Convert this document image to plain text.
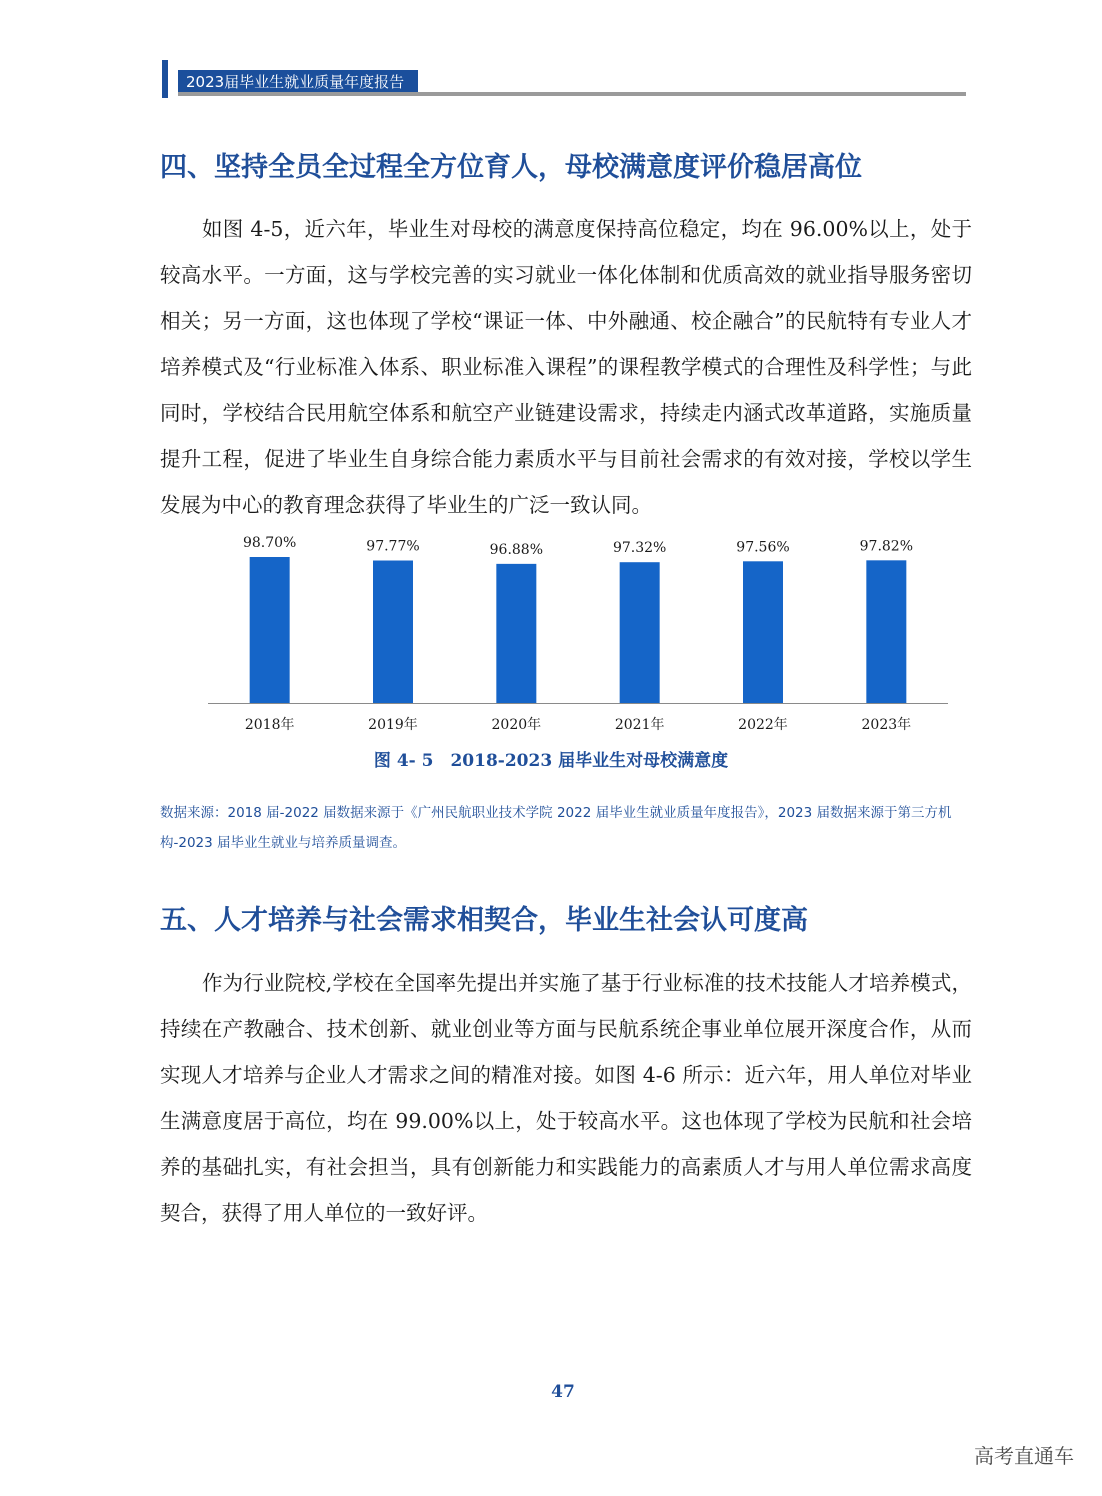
2023届毕业生就业质量年度报告
四、坚持全员全过程全方位育人，母校满意度评价稳居高位

如图 4-5，近六年，毕业生对母校的满意度保持高位稳定，均在 96.00%以上，处于较高水平。一方面，这与学校完善的实习就业一体化体制和优质高效的就业指导服务密切相关；另一方面，这也体现了学校“课证一体、中外融通、校企融合”的民航特有专业人才培养模式及“行业标准入体系、职业标准入课程”的课程教学模式的合理性及科学性；与此同时，学校结合民用航空体系和航空产业链建设需求，持续走内涵式改革道路，实施质量提升工程，促进了毕业生自身综合能力素质水平与目前社会需求的有效对接，学校以学生发展为中心的教育理念获得了毕业生的广泛一致认同。

98.70%
2018年
97.77%
2019年
96.88%
2020年
97.32%
2021年
97.56%
2022年
97.82%
2023年
图 4- 5　2018-2023 届毕业生对母校满意度

数据来源：2018 届-2022 届数据来源于《广州民航职业技术学院 2022 届毕业生就业质量年度报告》，2023 届数据来源于第三方机构-2023 届毕业生就业与培养质量调查。

五、人才培养与社会需求相契合，毕业生社会认可度高

作为行业院校,学校在全国率先提出并实施了基于行业标准的技术技能人才培养模式，持续在产教融合、技术创新、就业创业等方面与民航系统企事业单位展开深度合作，从而实现人才培养与企业人才需求之间的精准对接。如图 4-6 所示：近六年，用人单位对毕业生满意度居于高位，均在 99.00%以上，处于较高水平。这也体现了学校为民航和社会培养的基础扎实，有社会担当，具有创新能力和实践能力的高素质人才与用人单位需求高度契合，获得了用人单位的一致好评。

47
高考直通车
